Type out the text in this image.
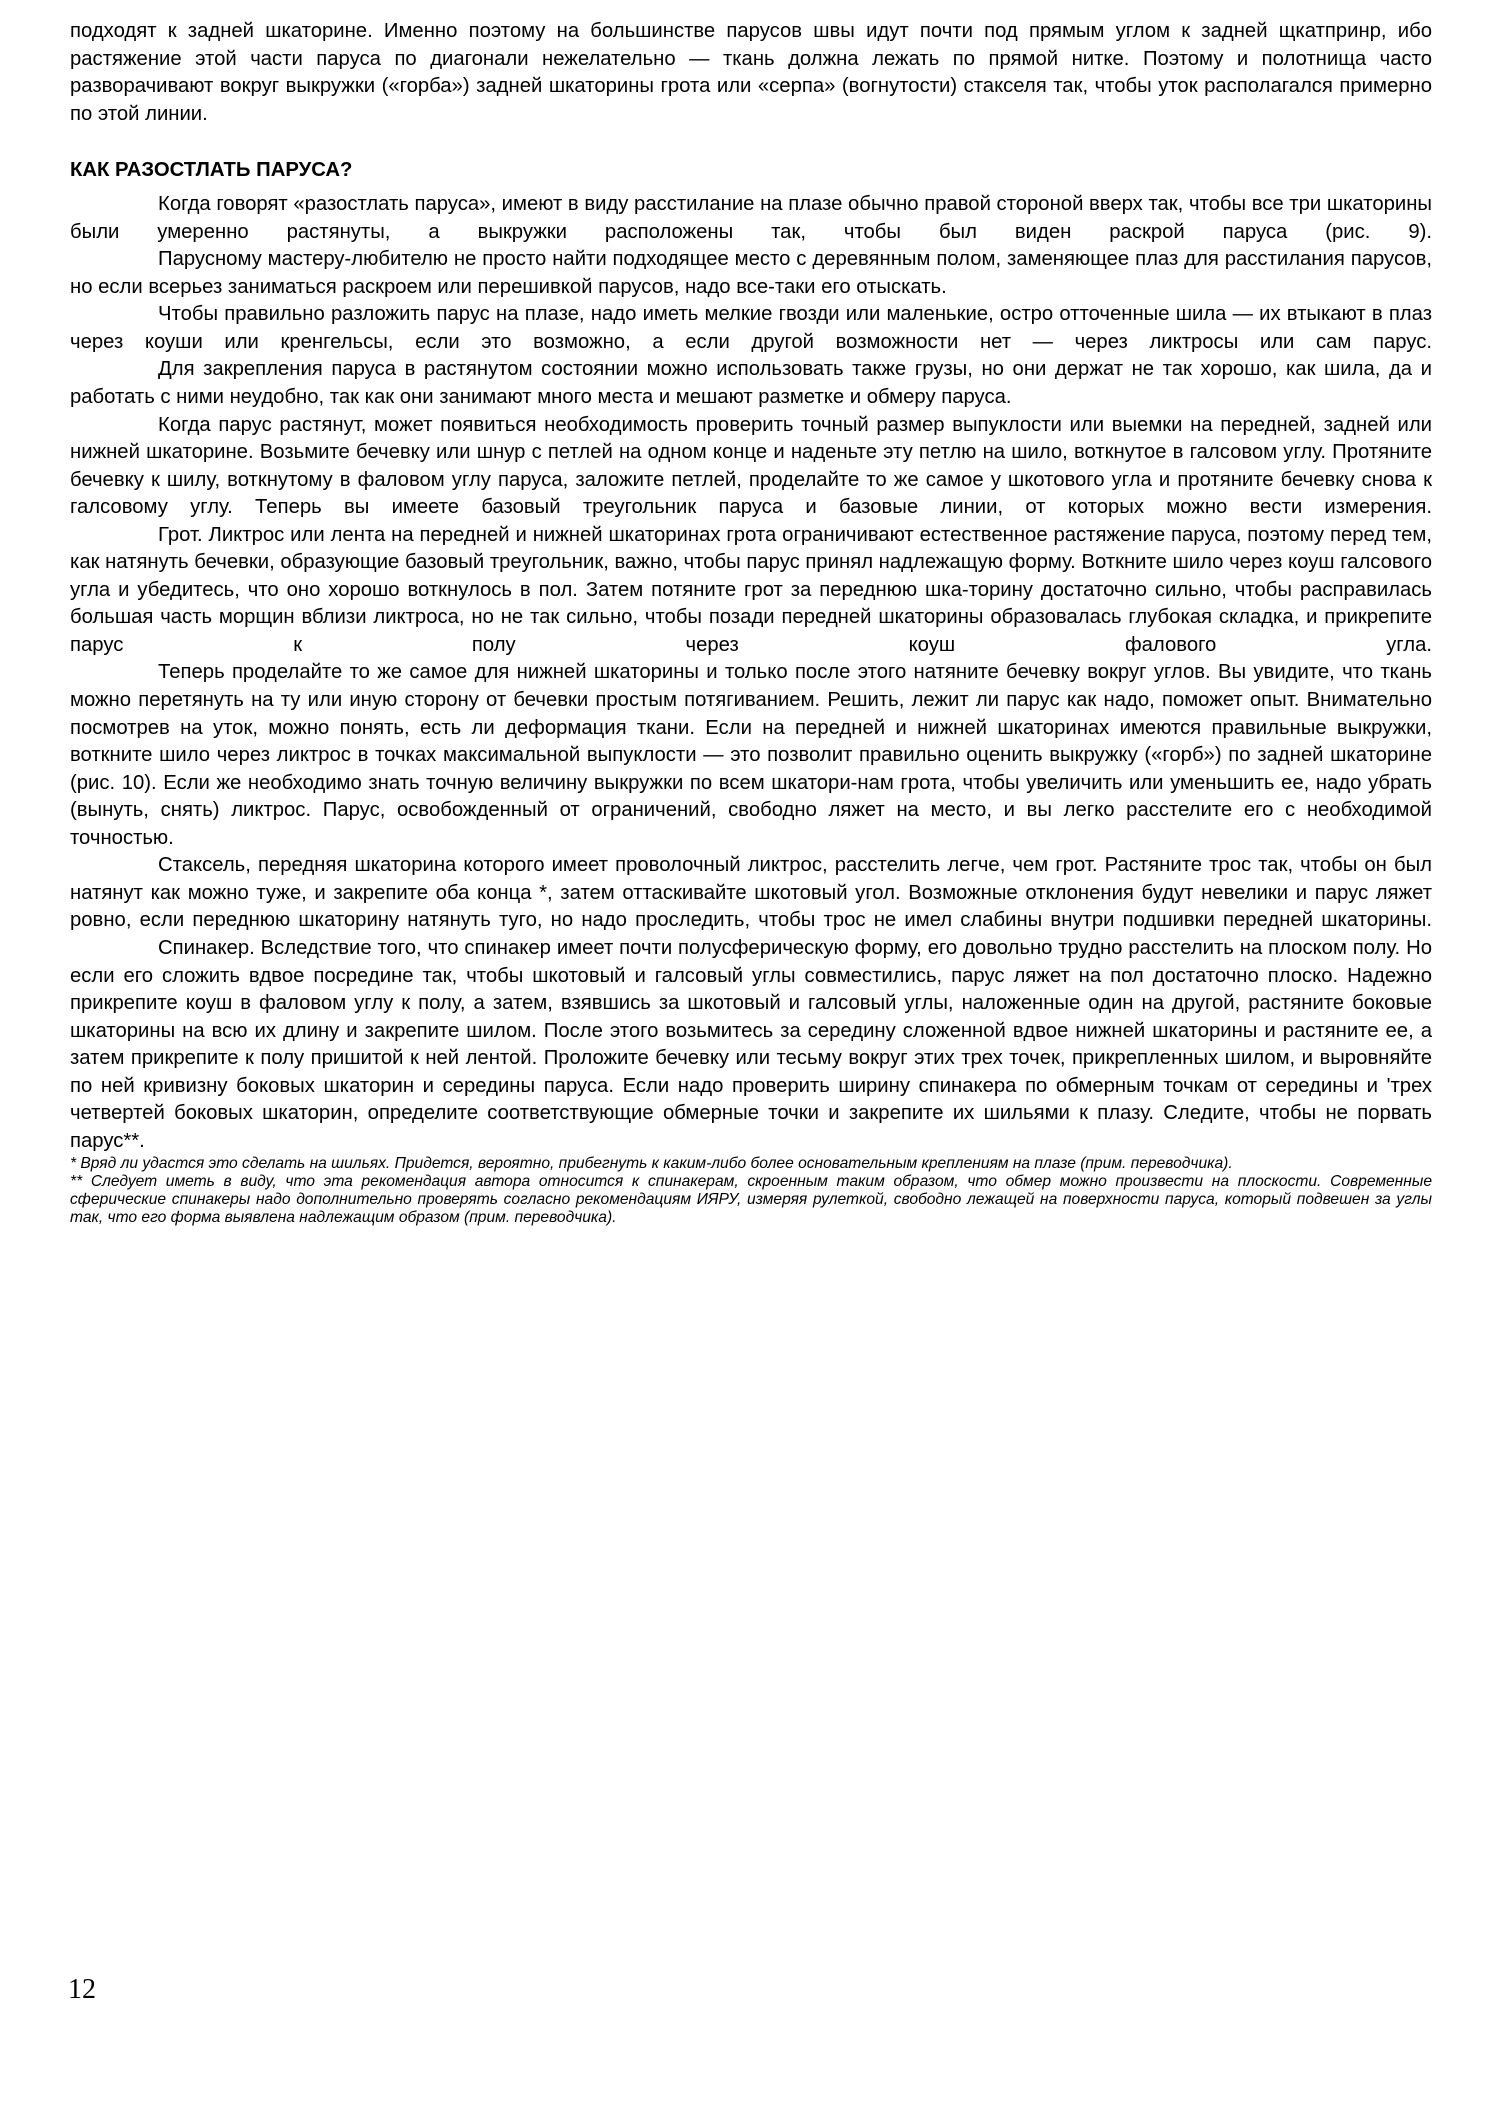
подходят к задней шкаторине. Именно поэтому на большинстве парусов швы идут почти под прямым углом к задней щкатпринр, ибо растяжение этой части паруса по диагонали нежелательно — ткань должна лежать по прямой нитке. Поэтому и полотнища часто разворачивают вокруг выкружки («горба») задней шкаторины грота или «серпа» (вогнутости) стакселя так, чтобы уток располагался примерно по этой линии.

КАК РАЗОСТЛАТЬ ПАРУСА?

Когда говорят «разостлать паруса», имеют в виду расстилание на плазе обычно правой стороной вверх так, чтобы все три шкаторины были умеренно растянуты, а выкружки расположены так, чтобы был виден раскрой паруса (рис. 9).

Парусному мастеру-любителю не просто найти подходящее место с деревянным полом, заменяющее плаз для расстилания парусов, но если всерьез заниматься раскроем или перешивкой парусов, надо все-таки его отыскать.

Чтобы правильно разложить парус на плазе, надо иметь мелкие гвозди или маленькие, остро отточенные шила — их втыкают в плаз через коуши или кренгельсы, если это возможно, а если другой возможности нет — через ликтросы или сам парус.

Для закрепления паруса в растянутом состоянии можно использовать также грузы, но они держат не так хорошо, как шила, да и работать с ними неудобно, так как они занимают много места и мешают разметке и обмеру паруса.

Когда парус растянут, может появиться необходимость проверить точный размер выпуклости или выемки на передней, задней или нижней шкаторине. Возьмите бечевку или шнур с петлей на одном конце и наденьте эту петлю на шило, воткнутое в галсовом углу. Протяните бечевку к шилу, воткнутому в фаловом углу паруса, заложите петлей, проделайте то же самое у шкотового угла и протяните бечевку снова к галсовому углу. Теперь вы имеете базовый треугольник паруса и базовые линии, от которых можно вести измерения.

Грот. Ликтрос или лента на передней и нижней шкаторинах грота ограничивают естественное растяжение паруса, поэтому перед тем, как натянуть бечевки, образующие базовый треугольник, важно, чтобы парус принял надлежащую форму. Воткните шило через коуш галсового угла и убедитесь, что оно хорошо воткнулось в пол. Затем потяните грот за переднюю шка-торину достаточно сильно, чтобы расправилась большая часть морщин вблизи ликтроса, но не так сильно, чтобы позади передней шкаторины образовалась глубокая складка, и прикрепите парус к полу через коуш фалового угла.

Теперь проделайте то же самое для нижней шкаторины и только после этого натяните бечевку вокруг углов. Вы увидите, что ткань можно перетянуть на ту или иную сторону от бечевки простым потягиванием. Решить, лежит ли парус как надо, поможет опыт. Внимательно посмотрев на уток, можно понять, есть ли деформация ткани. Если на передней и нижней шкаторинах имеются правильные выкружки, воткните шило через ликтрос в точках максимальной выпуклости — это позволит правильно оценить выкружку («горб») по задней шкаторине (рис. 10). Если же необходимо знать точную величину выкружки по всем шкатори-нам грота, чтобы увеличить или уменьшить ее, надо убрать (вынуть, снять) ликтрос. Парус, освобожденный от ограничений, свободно ляжет на место, и вы легко расстелите его с необходимой точностью.

Стаксель, передняя шкаторина которого имеет проволочный ликтрос, расстелить легче, чем грот. Растяните трос так, чтобы он был натянут как можно туже, и закрепите оба конца *, затем оттаскивайте шкотовый угол. Возможные отклонения будут невелики и парус ляжет ровно, если переднюю шкаторину натянуть туго, но надо проследить, чтобы трос не имел слабины внутри подшивки передней шкаторины.

Спинакер. Вследствие того, что спинакер имеет почти полусферическую форму, его довольно трудно расстелить на плоском полу. Но если его сложить вдвое посредине так, чтобы шкотовый и галсовый углы совместились, парус ляжет на пол достаточно плоско. Надежно прикрепите коуш в фаловом углу к полу, а затем, взявшись за шкотовый и галсовый углы, наложенные один на другой, растяните боковые шкаторины на всю их длину и закрепите шилом. После этого возьмитесь за середину сложенной вдвое нижней шкаторины и растяните ее, а затем прикрепите к полу пришитой к ней лентой. Проложите бечевку или тесьму вокруг этих трех точек, прикрепленных шилом, и выровняйте по ней кривизну боковых шкаторин и середины паруса. Если надо проверить ширину спинакера по обмерным точкам от середины и 'трех четвертей боковых шкаторин, определите соответствующие обмерные точки и закрепите их шильями к плазу. Следите, чтобы не порвать парус**.

* Вряд ли удастся это сделать на шильях. Придется, вероятно, прибегнуть к каким-либо более основательным креплениям на плазе (прим. переводчика).

** Следует иметь в виду, что эта рекомендация автора относится к спинакерам, скроенным таким образом, что обмер можно произвести на плоскости. Современные сферические спинакеры надо дополнительно проверять согласно рекомендациям ИЯРУ, измеряя рулеткой, свободно лежащей на поверхности паруса, который подвешен за углы так, что его форма выявлена надлежащим образом (прим. переводчика).

12
